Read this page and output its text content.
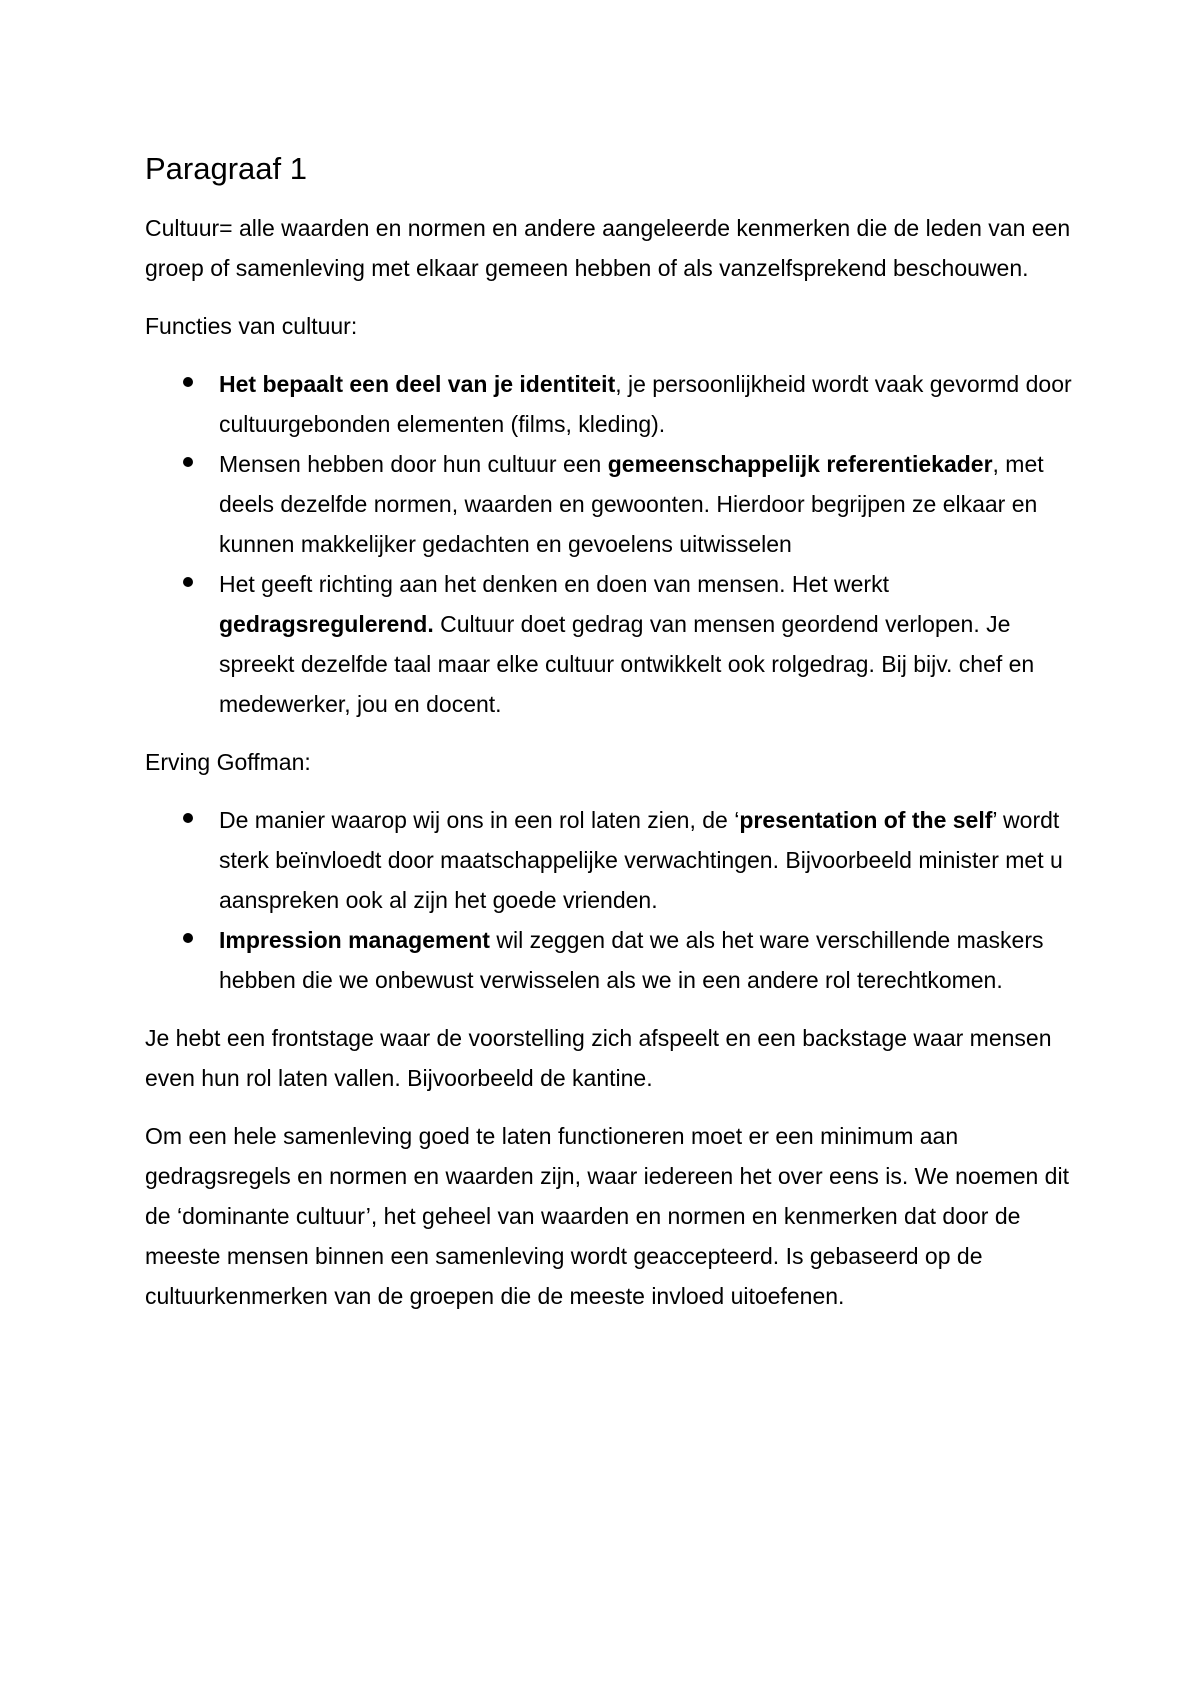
Paragraaf 1

Cultuur= alle waarden en normen en andere aangeleerde kenmerken die de leden van een groep of samenleving met elkaar gemeen hebben of als vanzelfsprekend beschouwen.

Functies van cultuur:

Het bepaalt een deel van je identiteit, je persoonlijkheid wordt vaak gevormd door cultuurgebonden elementen (films, kleding).
Mensen hebben door hun cultuur een gemeenschappelijk referentiekader, met deels dezelfde normen, waarden en gewoonten. Hierdoor begrijpen ze elkaar en kunnen makkelijker gedachten en gevoelens uitwisselen
Het geeft richting aan het denken en doen van mensen. Het werkt gedragsregulerend. Cultuur doet gedrag van mensen geordend verlopen. Je spreekt dezelfde taal maar elke cultuur ontwikkelt ook rolgedrag. Bij bijv. chef en medewerker, jou en docent.

Erving Goffman:

De manier waarop wij ons in een rol laten zien, de ‘presentation of the self’ wordt sterk beïnvloedt door maatschappelijke verwachtingen. Bijvoorbeeld minister met u aanspreken ook al zijn het goede vrienden.
Impression management wil zeggen dat we als het ware verschillende maskers hebben die we onbewust verwisselen als we in een andere rol terechtkomen.

Je hebt een frontstage waar de voorstelling zich afspeelt en een backstage waar mensen even hun rol laten vallen. Bijvoorbeeld de kantine.

Om een hele samenleving goed te laten functioneren moet er een minimum aan gedragsregels en normen en waarden zijn, waar iedereen het over eens is. We noemen dit de ‘dominante cultuur’, het geheel van waarden en normen en kenmerken dat door de meeste mensen binnen een samenleving wordt geaccepteerd. Is gebaseerd op de cultuurkenmerken van de groepen die de meeste invloed uitoefenen.
